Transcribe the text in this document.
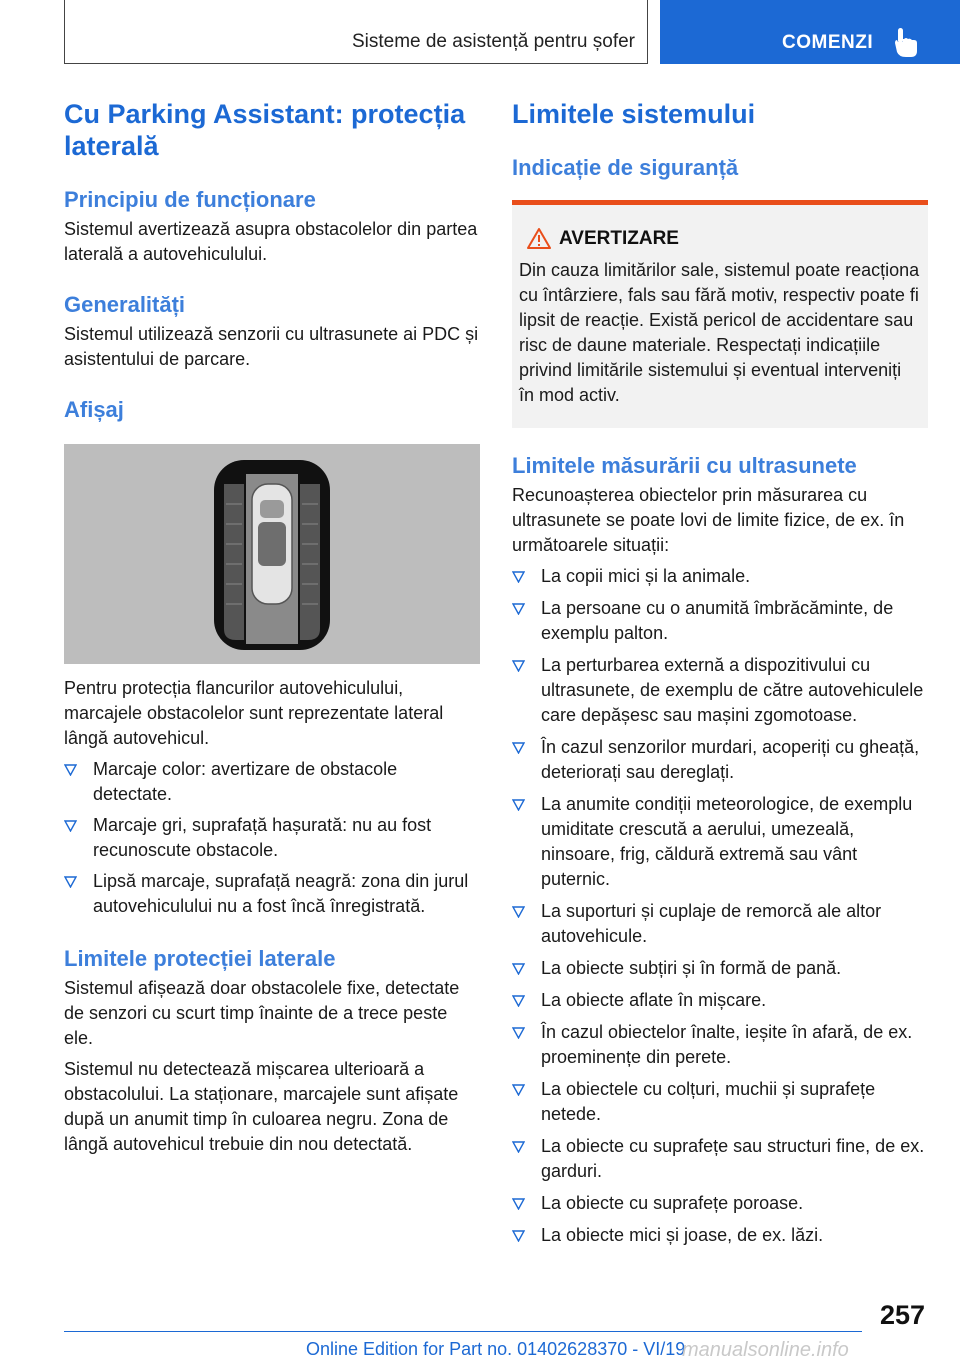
Sisteme de asistență pentru șofer	COMENZI
Cu Parking Assistant: protecția laterală
Principiu de funcționare

Sistemul avertizează asupra obstacolelor din partea laterală a autovehiculului.

Generalități

Sistemul utilizează senzorii cu ultrasunete ai PDC și asistentului de parcare.

Afișaj

Pentru protecția flancurilor autovehiculului, marcajele obstacolelor sunt reprezentate lateral lângă autovehicul.

Marcaje color: avertizare de obstacole detectate.
Marcaje gri, suprafață hașurată: nu au fost recunoscute obstacole.
Lipsă marcaje, suprafață neagră: zona din jurul autovehiculului nu a fost încă înregistrată.
Limitele protecției laterale

Sistemul afișează doar obstacolele fixe, detectate de senzori cu scurt timp înainte de a trece peste ele.

Sistemul nu detectează mișcarea ulterioară a obstacolului. La staționare, marcajele sunt afișate după un anumit timp în culoarea negru. Zona de lângă autovehicul trebuie din nou detectată.

Limitele sistemului
Indicație de siguranță
AVERTIZARE

Din cauza limitărilor sale, sistemul poate reacționa cu întârziere, fals sau fără motiv, respectiv poate fi lipsit de reacție. Există pericol de accidentare sau risc de daune materiale. Respectați indicațiile privind limitările sistemului și eventual interveniți în mod activ.

Limitele măsurării cu ultrasunete

Recunoașterea obiectelor prin măsurarea cu ultrasunete se poate lovi de limite fizice, de ex. în următoarele situații:

La copii mici și la animale.
La persoane cu o anumită îmbrăcăminte, de exemplu palton.
La perturbarea externă a dispozitivului cu ultrasunete, de exemplu de către autovehiculele care depășesc sau mașini zgomotoase.
În cazul senzorilor murdari, acoperiți cu gheață, deteriorați sau dereglați.
La anumite condiții meteorologice, de exemplu umiditate crescută a aerului, umezeală, ninsoare, frig, căldură extremă sau vânt puternic.
La suporturi și cuplaje de remorcă ale altor autovehicule.
La obiecte subțiri și în formă de pană.
La obiecte aflate în mișcare.
În cazul obiectelor înalte, ieșite în afară, de ex. proeminențe din perete.
La obiectele cu colțuri, muchii și suprafețe netede.
La obiecte cu suprafețe sau structuri fine, de ex. garduri.
La obiecte cu suprafețe poroase.
La obiecte mici și joase, de ex. lăzi.
257
Online Edition for Part no. 01402628370 - VI/19
manualsonline.info
